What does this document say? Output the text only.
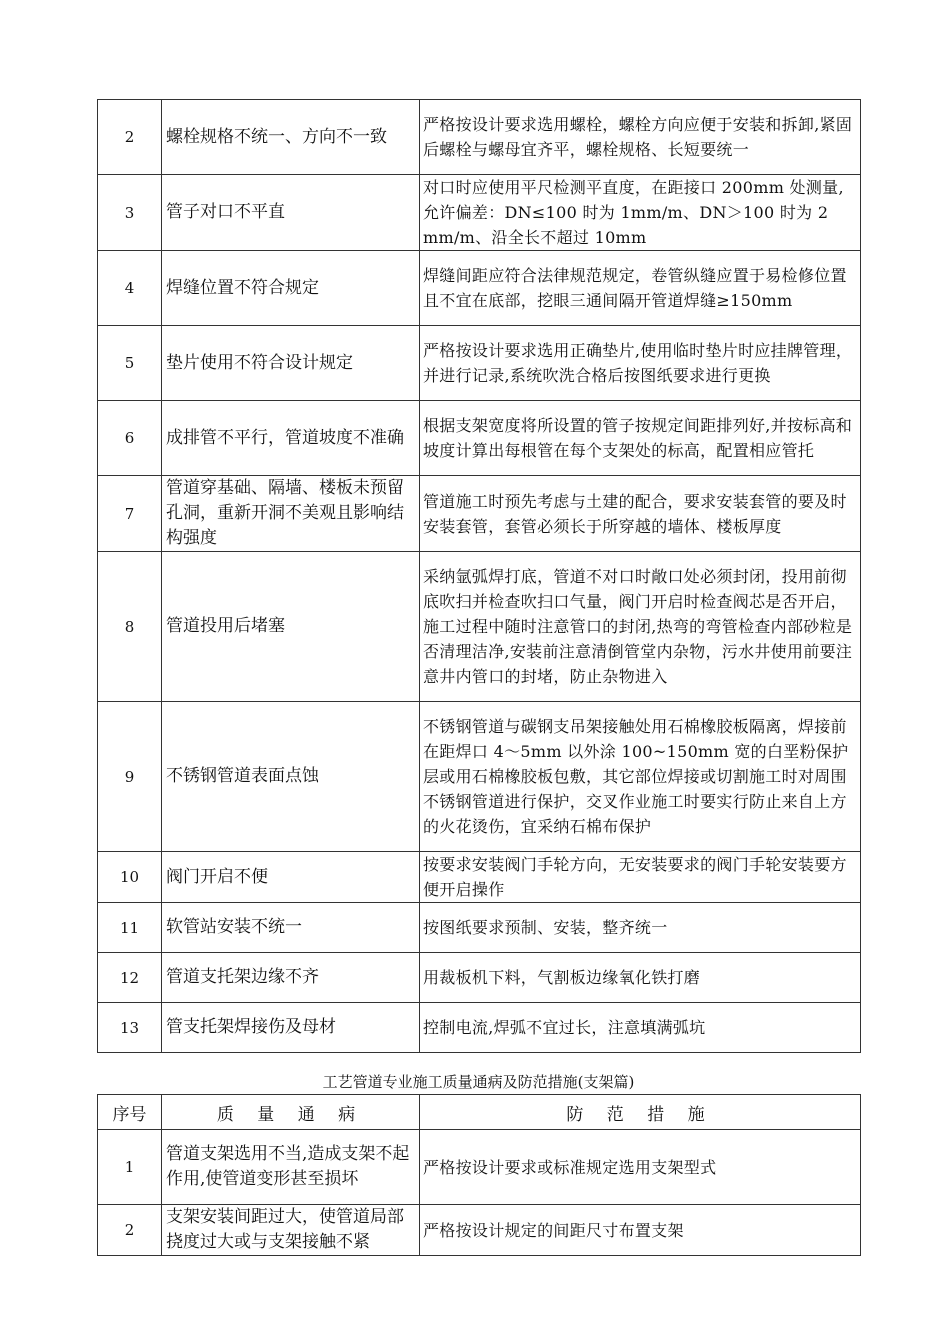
2	螺栓规格不统一、方向不一致	严格按设计要求选用螺栓，螺栓方向应便于安装和拆卸,紧固后螺栓与螺母宜齐平，螺栓规格、长短要统一
3	管子对口不平直	对口时应使用平尺检测平直度，在距接口 200mm 处测量,允许偏差：DN≤100 时为 1mm/m、DN＞100 时为 2 mm/m、沿全长不超过 10mm
4	焊缝位置不符合规定	焊缝间距应符合法律规范规定，卷管纵缝应置于易检修位置且不宜在底部，挖眼三通间隔开管道焊缝≥150mm
5	垫片使用不符合设计规定	严格按设计要求选用正确垫片,使用临时垫片时应挂牌管理，并进行记录,系统吹洗合格后按图纸要求进行更换
6	成排管不平行，管道坡度不准确	根据支架宽度将所设置的管子按规定间距排列好,并按标高和坡度计算出每根管在每个支架处的标高，配置相应管托
7	管道穿基础、隔墙、楼板未预留孔洞，重新开洞不美观且影响结构强度	管道施工时预先考虑与土建的配合，要求安装套管的要及时安装套管，套管必须长于所穿越的墙体、楼板厚度
8	管道投用后堵塞	采纳氩弧焊打底，管道不对口时敞口处必须封闭，投用前彻底吹扫并检查吹扫口气量，阀门开启时检查阀芯是否开启，施工过程中随时注意管口的封闭,热弯的弯管检查内部砂粒是否清理洁净,安装前注意清倒管堂内杂物，污水井使用前要注意井内管口的封堵，防止杂物进入
9	不锈钢管道表面点蚀	不锈钢管道与碳钢支吊架接触处用石棉橡胶板隔离，焊接前在距焊口 4～5mm 以外涂 100~150mm 宽的白垩粉保护层或用石棉橡胶板包敷，其它部位焊接或切割施工时对周围不锈钢管道进行保护，交叉作业施工时要实行防止来自上方的火花烫伤，宜采纳石棉布保护
10	阀门开启不便	按要求安装阀门手轮方向，无安装要求的阀门手轮安装要方便开启操作
11	软管站安装不统一	按图纸要求预制、安装，整齐统一
12	管道支托架边缘不齐	用裁板机下料，气割板边缘氧化铁打磨
13	管支托架焊接伤及母材	控制电流,焊弧不宜过长，注意填满弧坑
工艺管道专业施工质量通病及防范措施(支架篇)
序号	质 量 通 病	防 范 措 施
1	管道支架选用不当,造成支架不起作用,使管道变形甚至损坏	严格按设计要求或标准规定选用支架型式
2	支架安装间距过大，使管道局部挠度过大或与支架接触不紧	严格按设计规定的间距尺寸布置支架
